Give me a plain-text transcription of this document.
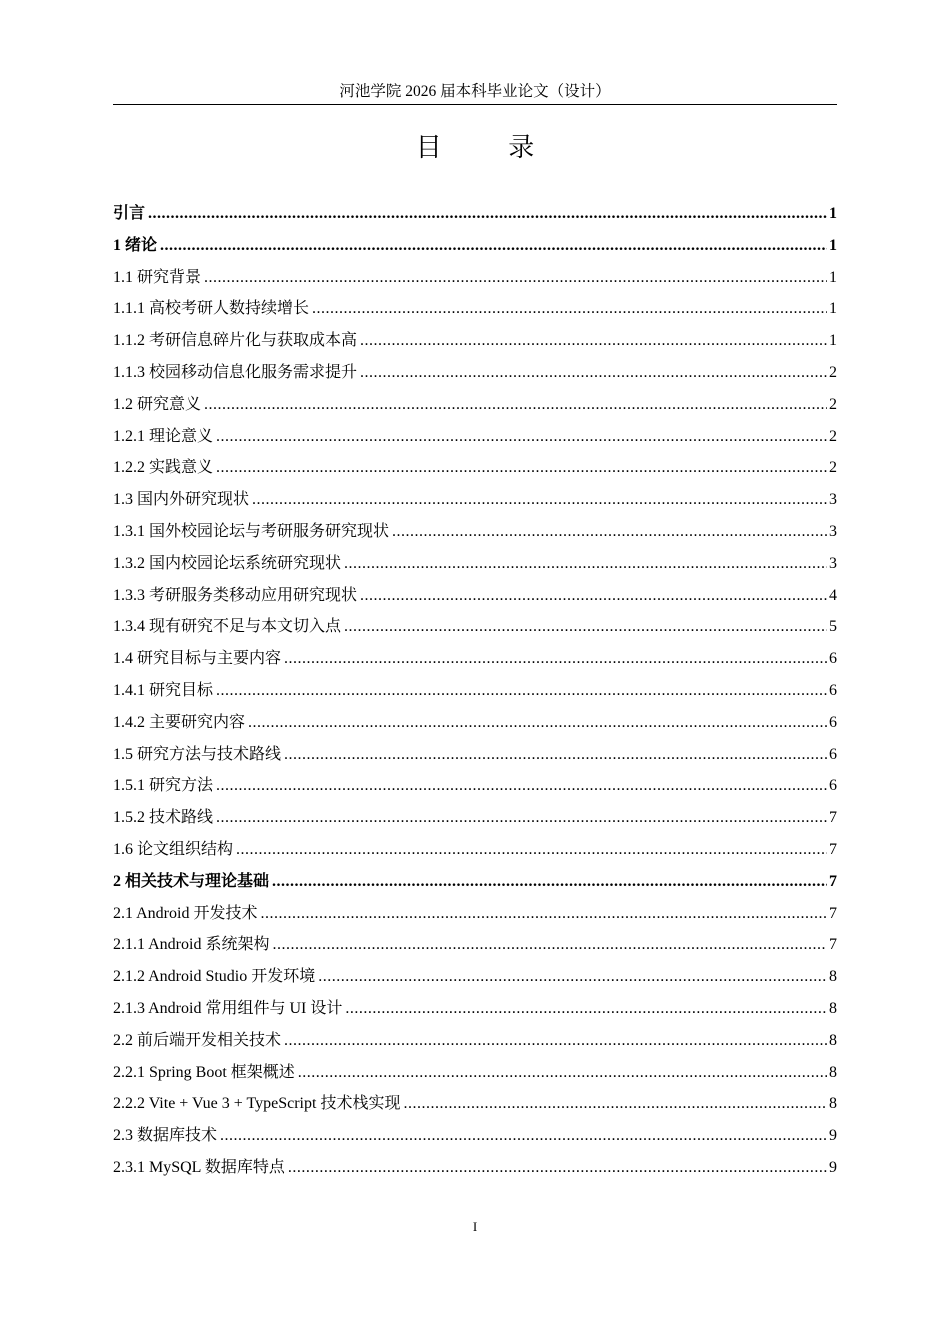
河池学院 2026 届本科毕业论文（设计）
目 录
引言 .....	1
1 绪论 .....	1
1.1 研究背景 .....	1
1.1.1 高校考研人数持续增长 .....	1
1.1.2 考研信息碎片化与获取成本高 .....	1
1.1.3 校园移动信息化服务需求提升 .....	2
1.2 研究意义 .....	2
1.2.1 理论意义 .....	2
1.2.2 实践意义 .....	2
1.3 国内外研究现状 .....	3
1.3.1 国外校园论坛与考研服务研究现状 .....	3
1.3.2 国内校园论坛系统研究现状 .....	3
1.3.3 考研服务类移动应用研究现状 .....	4
1.3.4 现有研究不足与本文切入点 .....	5
1.4 研究目标与主要内容 .....	6
1.4.1 研究目标 .....	6
1.4.2 主要研究内容 .....	6
1.5 研究方法与技术路线 .....	6
1.5.1 研究方法 .....	6
1.5.2 技术路线 .....	7
1.6 论文组织结构 .....	7
2 相关技术与理论基础 .....	7
2.1 Android 开发技术 .....	7
2.1.1 Android 系统架构 .....	7
2.1.2 Android Studio 开发环境 .....	8
2.1.3 Android 常用组件与 UI 设计 .....	8
2.2 前后端开发相关技术 .....	8
2.2.1 Spring Boot 框架概述 .....	8
2.2.2 Vite + Vue 3 + TypeScript 技术栈实现 .....	8
2.3 数据库技术 .....	9
2.3.1 MySQL 数据库特点 .....	9
I
